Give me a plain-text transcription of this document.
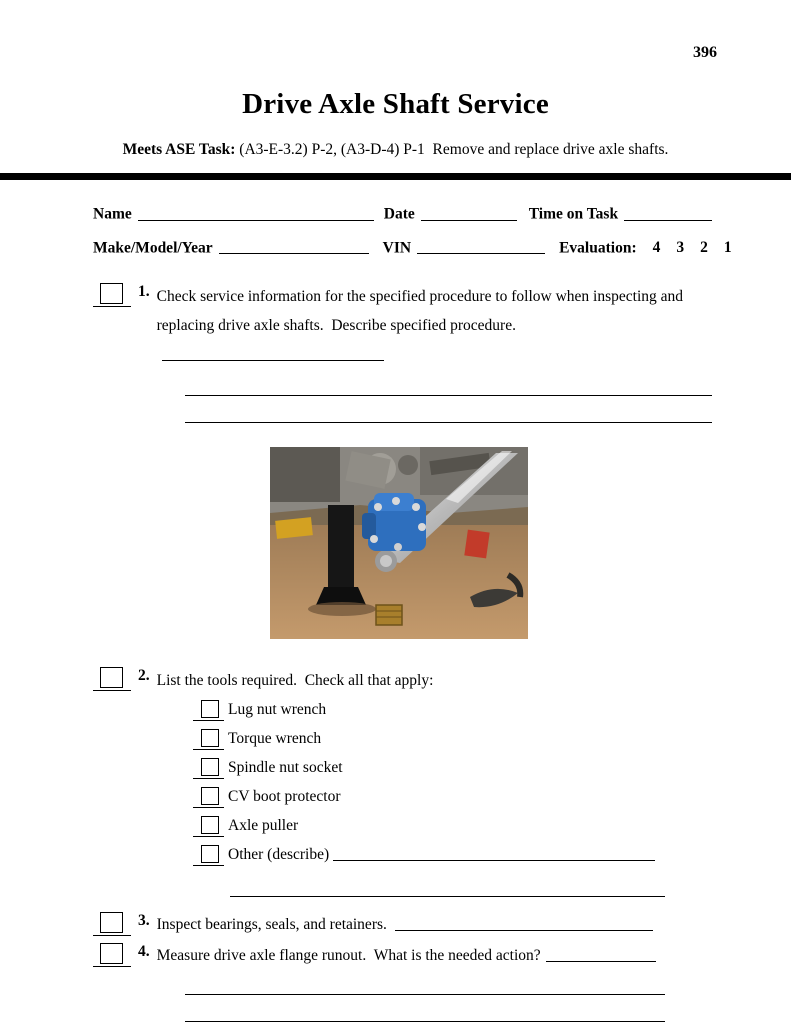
396
Drive Axle Shaft Service

Meets ASE Task: (A3-E-3.2) P-2, (A3-D-4) P-1  Remove and replace drive axle shafts.

Name	Date	Time on Task
Make/Model/Year	VIN	Evaluation: 4 3 2 1
1. Check service information for the specified procedure to follow when inspecting and
replacing drive axle shafts.  Describe specified procedure.
2. List the tools required.  Check all that apply:
Lug nut wrench
Torque wrench
Spindle nut socket
CV boot protector
Axle puller
Other (describe)
3. Inspect bearings, seals, and retainers.
4. Measure drive axle flange runout.  What is the needed action?
